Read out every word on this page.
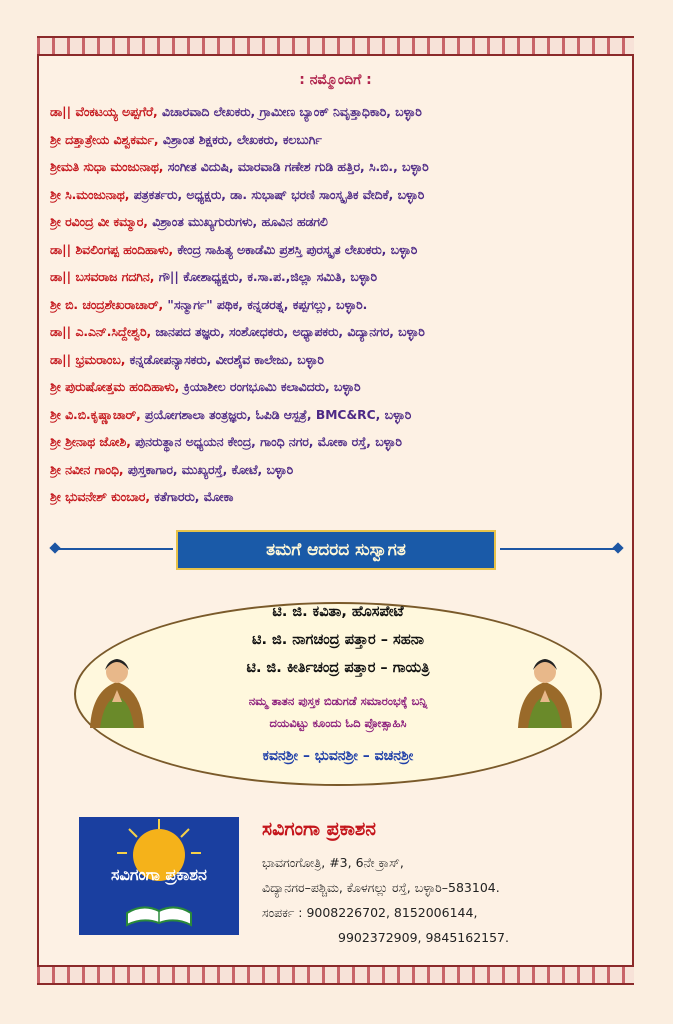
: ನಮ್ಮೊಂದಿಗೆ :
ಡಾ|| ವೆಂಕಟಯ್ಯ ಅಪ್ಪಗೆರೆ, ವಿಚಾರವಾದಿ ಲೇಖಕರು, ಗ್ರಾಮೀಣ ಬ್ಯಾಂಕ್ ನಿವೃತ್ತಾಧಿಕಾರಿ, ಬಳ್ಳಾರಿ
ಶ್ರೀ ದತ್ತಾತ್ರೇಯ ವಿಶ್ವಕರ್ಮ, ವಿಶ್ರಾಂತ ಶಿಕ್ಷಕರು, ಲೇಖಕರು, ಕಲಬುರ್ಗಿ
ಶ್ರೀಮತಿ ಸುಧಾ ಮಂಜುನಾಥ, ಸಂಗೀತ ವಿದುಷಿ, ಮಾರವಾಡಿ ಗಣೇಶ ಗುಡಿ ಹತ್ತಿರ, ಸಿ.ಬಿ., ಬಳ್ಳಾರಿ
ಶ್ರೀ ಸಿ.ಮಂಜುನಾಥ, ಪತ್ರಕರ್ತರು, ಅಧ್ಯಕ್ಷರು, ಡಾ. ಸುಭಾಷ್ ಭರಣಿ ಸಾಂಸ್ಕೃತಿಕ ವೇದಿಕೆ, ಬಳ್ಳಾರಿ
ಶ್ರೀ ರವಿಂದ್ರ ವೀ ಕಮ್ಮಾರ, ವಿಶ್ರಾಂತ ಮುಖ್ಯಗುರುಗಳು, ಹೂವಿನ ಹಡಗಲಿ
ಡಾ|| ಶಿವಲಿಂಗಪ್ಪ ಹಂದಿಹಾಳು, ಕೇಂದ್ರ ಸಾಹಿತ್ಯ ಅಕಾಡೆಮಿ ಪ್ರಶಸ್ತಿ ಪುರಸ್ಕೃತ ಲೇಖಕರು, ಬಳ್ಳಾರಿ
ಡಾ|| ಬಸವರಾಜ ಗದಗಿನ, ಗೌ|| ಕೋಶಾಧ್ಯಕ್ಷರು, ಕ.ಸಾ.ಪ.,ಜಿಲ್ಲಾ ಸಮಿತಿ, ಬಳ್ಳಾರಿ
ಶ್ರೀ ಬಿ. ಚಂದ್ರಶೇಖರಾಚಾರ್, "ಸನ್ಮಾರ್ಗ" ಪಥಿಕ, ಕನ್ನಡರತ್ನ, ಕಪ್ಪಗಲ್ಲು, ಬಳ್ಳಾರಿ.
ಡಾ|| ಎ.ಎನ್.ಸಿದ್ದೇಶ್ವರಿ, ಜಾನಪದ ತಜ್ಞರು, ಸಂಶೋಧಕರು, ಅಧ್ಯಾಪಕರು, ವಿದ್ಯಾನಗರ, ಬಳ್ಳಾರಿ
ಡಾ|| ಭ್ರಮರಾಂಬ, ಕನ್ನಡೋಪನ್ಯಾಸಕರು, ವೀರಶೈವ ಕಾಲೇಜು, ಬಳ್ಳಾರಿ
ಶ್ರೀ ಪುರುಷೋತ್ತಮ ಹಂದಿಹಾಳು, ಕ್ರಿಯಾಶೀಲ ರಂಗಭೂಮಿ ಕಲಾವಿದರು, ಬಳ್ಳಾರಿ
ಶ್ರೀ ವಿ.ಬಿ.ಕೃಷ್ಣಾಚಾರ್, ಪ್ರಯೋಗಶಾಲಾ ತಂತ್ರಜ್ಞರು, ಓಪಿಡಿ ಆಸ್ಪತ್ರೆ, BMC&RC, ಬಳ್ಳಾರಿ
ಶ್ರೀ ಶ್ರೀನಾಥ ಜೋಶಿ, ಪುನರುತ್ಥಾನ ಅಧ್ಯಯನ ಕೇಂದ್ರ, ಗಾಂಧಿ ನಗರ, ಮೋಕಾ ರಸ್ತೆ, ಬಳ್ಳಾರಿ
ಶ್ರೀ ನವೀನ ಗಾಂಧಿ, ಪುಸ್ತಕಾಗಾರ, ಮುಖ್ಯರಸ್ತೆ, ಕೋಟೆ, ಬಳ್ಳಾರಿ
ಶ್ರೀ ಭುವನೇಶ್ ಕುಂಬಾರ, ಕತೆಗಾರರು, ಮೋಕಾ
ತಮಗೆ ಆದರದ ಸುಸ್ವಾಗತ
ಟಿ. ಜಿ. ಕವಿತಾ, ಹೊಸಪೇಟೆ
ಟಿ. ಜಿ. ನಾಗಚಂದ್ರ ಪತ್ತಾರ – ಸಹನಾ
ಟಿ. ಜಿ. ಕೀರ್ತಿಚಂದ್ರ ಪತ್ತಾರ – ಗಾಯತ್ರಿ
ನಮ್ಮ ತಾತನ ಪುಸ್ತಕ ಬಿಡುಗಡೆ ಸಮಾರಂಭಕ್ಕೆ ಬನ್ನಿ
ದಯವಿಟ್ಟು ಕೂಂದು ಓದಿ ಪ್ರೋತ್ಸಾಹಿಸಿ
ಕವನಶ್ರೀ – ಭುವನಶ್ರೀ – ವಚನಶ್ರೀ
ಸವಿಗಂಗಾ ಪ್ರಕಾಶನ
ಸವಿಗಂಗಾ ಪ್ರಕಾಶನ
ಭಾವಗಂಗೋತ್ರಿ, #3, 6ನೇ ಕ್ರಾಸ್,
ವಿದ್ಯಾನಗರ–ಪಶ್ಚಿಮ, ಕೊಳಗಲ್ಲು ರಸ್ತೆ, ಬಳ್ಳಾರಿ–583104.
ಸಂಪರ್ಕ : 9008226702, 8152006144,
9902372909, 9845162157.
